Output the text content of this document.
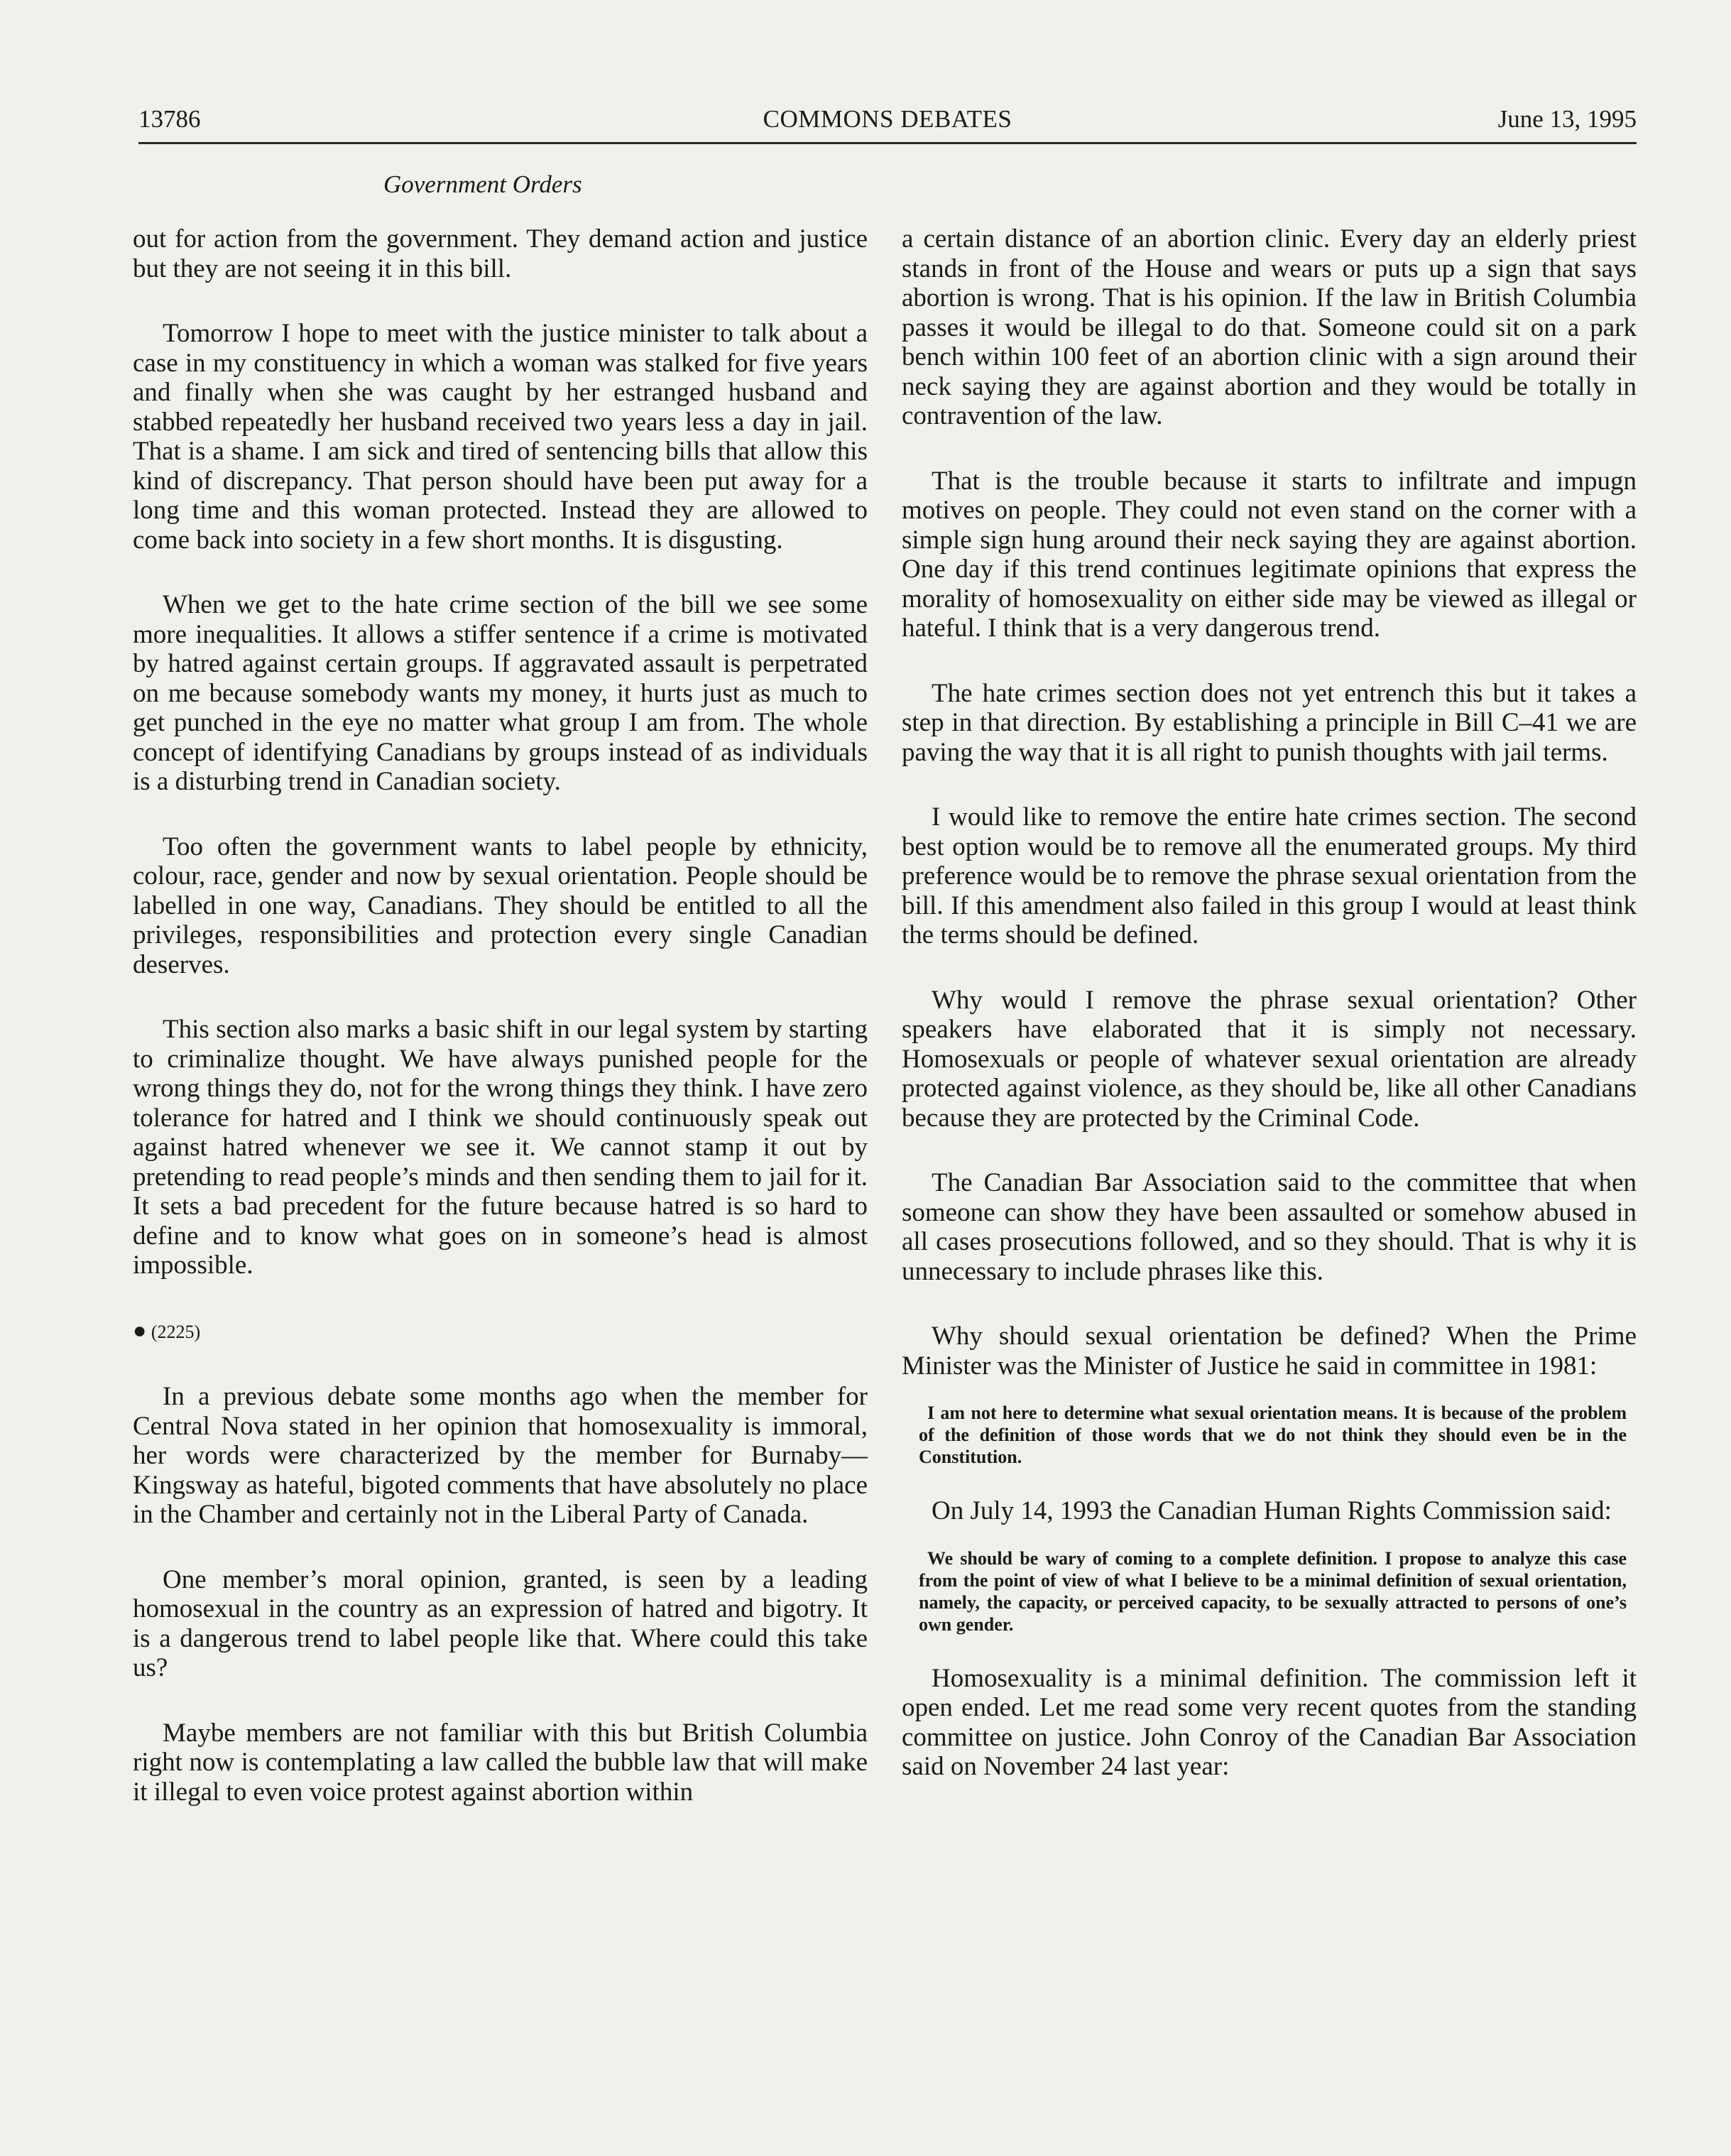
13786	COMMONS DEBATES	June 13, 1995
Government Orders

out for action from the government. They demand action and justice but they are not seeing it in this bill.

Tomorrow I hope to meet with the justice minister to talk about a case in my constituency in which a woman was stalked for five years and finally when she was caught by her estranged husband and stabbed repeatedly her husband received two years less a day in jail. That is a shame. I am sick and tired of sentencing bills that allow this kind of discrepancy. That person should have been put away for a long time and this woman protected. Instead they are allowed to come back into society in a few short months. It is disgusting.

When we get to the hate crime section of the bill we see some more inequalities. It allows a stiffer sentence if a crime is motivated by hatred against certain groups. If aggravated assault is perpetrated on me because somebody wants my money, it hurts just as much to get punched in the eye no matter what group I am from. The whole concept of identifying Canadians by groups instead of as individuals is a disturbing trend in Canadian society.

Too often the government wants to label people by ethnicity, colour, race, gender and now by sexual orientation. People should be labelled in one way, Canadians. They should be entitled to all the privileges, responsibilities and protection every single Canadian deserves.

This section also marks a basic shift in our legal system by starting to criminalize thought. We have always punished people for the wrong things they do, not for the wrong things they think. I have zero tolerance for hatred and I think we should continuously speak out against hatred whenever we see it. We cannot stamp it out by pretending to read people’s minds and then sending them to jail for it. It sets a bad precedent for the future because hatred is so hard to define and to know what goes on in someone’s head is almost impossible.

● (2225)

In a previous debate some months ago when the member for Central Nova stated in her opinion that homosexuality is immoral, her words were characterized by the member for Burnaby—Kingsway as hateful, bigoted comments that have absolutely no place in the Chamber and certainly not in the Liberal Party of Canada.

One member’s moral opinion, granted, is seen by a leading homosexual in the country as an expression of hatred and bigotry. It is a dangerous trend to label people like that. Where could this take us?

Maybe members are not familiar with this but British Columbia right now is contemplating a law called the bubble law that will make it illegal to even voice protest against abortion within

a certain distance of an abortion clinic. Every day an elderly priest stands in front of the House and wears or puts up a sign that says abortion is wrong. That is his opinion. If the law in British Columbia passes it would be illegal to do that. Someone could sit on a park bench within 100 feet of an abortion clinic with a sign around their neck saying they are against abortion and they would be totally in contravention of the law.

That is the trouble because it starts to infiltrate and impugn motives on people. They could not even stand on the corner with a simple sign hung around their neck saying they are against abortion. One day if this trend continues legitimate opinions that express the morality of homosexuality on either side may be viewed as illegal or hateful. I think that is a very dangerous trend.

The hate crimes section does not yet entrench this but it takes a step in that direction. By establishing a principle in Bill C–41 we are paving the way that it is all right to punish thoughts with jail terms.

I would like to remove the entire hate crimes section. The second best option would be to remove all the enumerated groups. My third preference would be to remove the phrase sexual orientation from the bill. If this amendment also failed in this group I would at least think the terms should be defined.

Why would I remove the phrase sexual orientation? Other speakers have elaborated that it is simply not necessary. Homosexuals or people of whatever sexual orientation are already protected against violence, as they should be, like all other Canadians because they are protected by the Criminal Code.

The Canadian Bar Association said to the committee that when someone can show they have been assaulted or somehow abused in all cases prosecutions followed, and so they should. That is why it is unnecessary to include phrases like this.

Why should sexual orientation be defined? When the Prime Minister was the Minister of Justice he said in committee in 1981:

I am not here to determine what sexual orientation means. It is because of the problem of the definition of those words that we do not think they should even be in the Constitution.

On July 14, 1993 the Canadian Human Rights Commission said:

We should be wary of coming to a complete definition. I propose to analyze this case from the point of view of what I believe to be a minimal definition of sexual orientation, namely, the capacity, or perceived capacity, to be sexually attracted to persons of one’s own gender.

Homosexuality is a minimal definition. The commission left it open ended. Let me read some very recent quotes from the standing committee on justice. John Conroy of the Canadian Bar Association said on November 24 last year:
